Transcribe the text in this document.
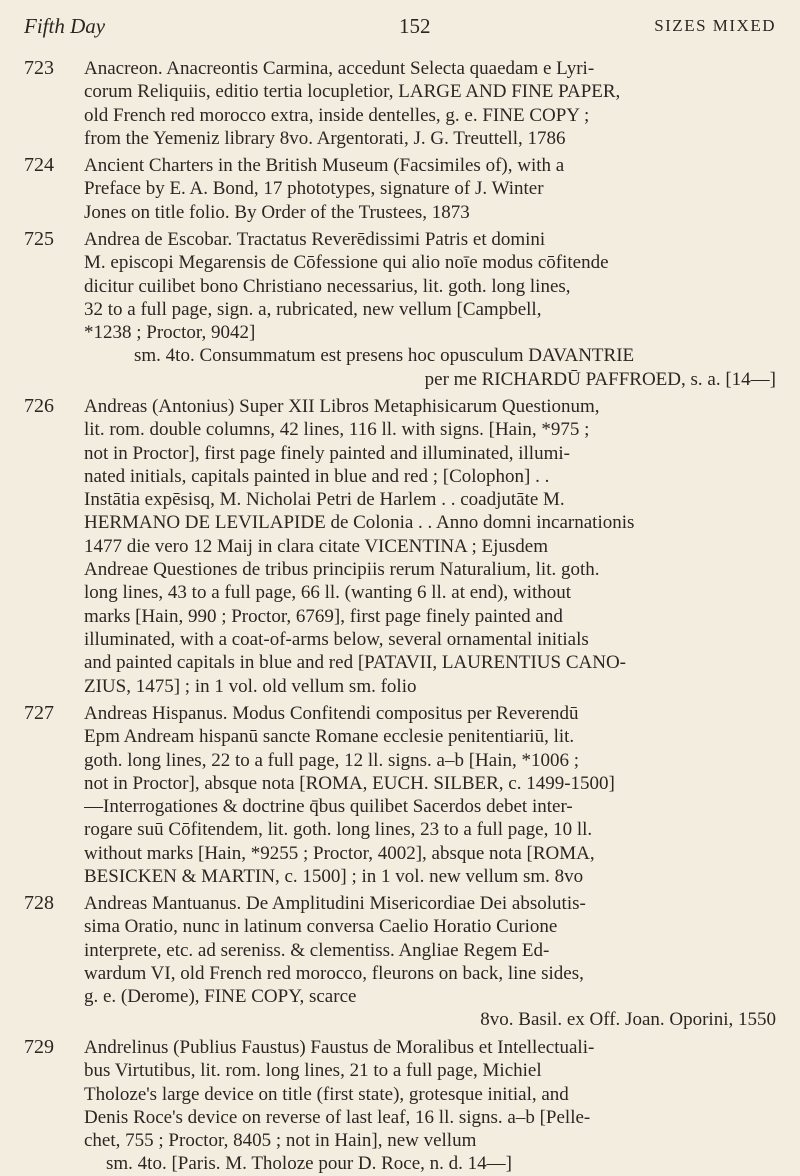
Fifth Day	152	SIZES MIXED
723	Anacreon. Anacreontis Carmina, accedunt Selecta quaedam e Lyri-
corum Reliquiis, editio tertia locupletior, LARGE AND FINE PAPER,
old French red morocco extra, inside dentelles, g. e. FINE COPY ;
from the Yemeniz library 8vo. Argentorati, J. G. Treuttell, 1786
724	Ancient Charters in the British Museum (Facsimiles of), with a
Preface by E. A. Bond, 17 phototypes, signature of J. Winter
Jones on title folio. By Order of the Trustees, 1873
725	Andrea de Escobar. Tractatus Reverēdissimi Patris et domini
M. episcopi Megarensis de Cōfessione qui alio noīe modus cōfitende
dicitur cuilibet bono Christiano necessarius, lit. goth. long lines,
32 to a full page, sign. a, rubricated, new vellum [Campbell,
*1238 ; Proctor, 9042]
sm. 4to. Consummatum est presens hoc opusculum DAVANTRIE
per me RICHARDŪ PAFFROED, s. a. [14—]
726	Andreas (Antonius) Super XII Libros Metaphisicarum Questionum,
lit. rom. double columns, 42 lines, 116 ll. with signs. [Hain, *975 ;
not in Proctor], first page finely painted and illuminated, illumi-
nated initials, capitals painted in blue and red ; [Colophon] . .
Instātia expēsisq, M. Nicholai Petri de Harlem . . coadjutāte M.
HERMANO DE LEVILAPIDE de Colonia . . Anno domni incarnationis
1477 die vero 12 Maij in clara citate VICENTINA ; Ejusdem
Andreae Questiones de tribus principiis rerum Naturalium, lit. goth.
long lines, 43 to a full page, 66 ll. (wanting 6 ll. at end), without
marks [Hain, 990 ; Proctor, 6769], first page finely painted and
illuminated, with a coat-of-arms below, several ornamental initials
and painted capitals in blue and red [PATAVII, LAURENTIUS CANO-
ZIUS, 1475] ; in 1 vol. old vellum sm. folio
727	Andreas Hispanus. Modus Confitendi compositus per Reverendū
Epm Andream hispanū sancte Romane ecclesie penitentiariū, lit.
goth. long lines, 22 to a full page, 12 ll. signs. a–b [Hain, *1006 ;
not in Proctor], absque nota [ROMA, EUCH. SILBER, c. 1499-1500]
—Interrogationes & doctrine q̄bus quilibet Sacerdos debet inter-
rogare suū Cōfitendem, lit. goth. long lines, 23 to a full page, 10 ll.
without marks [Hain, *9255 ; Proctor, 4002], absque nota [ROMA,
BESICKEN & MARTIN, c. 1500] ; in 1 vol. new vellum sm. 8vo
728	Andreas Mantuanus. De Amplitudini Misericordiae Dei absolutis-
sima Oratio, nunc in latinum conversa Caelio Horatio Curione
interprete, etc. ad sereniss. & clementiss. Angliae Regem Ed-
wardum VI, old French red morocco, fleurons on back, line sides,
g. e. (Derome), FINE COPY, scarce
8vo. Basil. ex Off. Joan. Oporini, 1550
729	Andrelinus (Publius Faustus) Faustus de Moralibus et Intellectuali-
bus Virtutibus, lit. rom. long lines, 21 to a full page, Michiel
Tholoze's large device on title (first state), grotesque initial, and
Denis Roce's device on reverse of last leaf, 16 ll. signs. a–b [Pelle-
chet, 755 ; Proctor, 8405 ; not in Hain], new vellum
sm. 4to. [Paris. M. Tholoze pour D. Roce, n. d. 14—]
